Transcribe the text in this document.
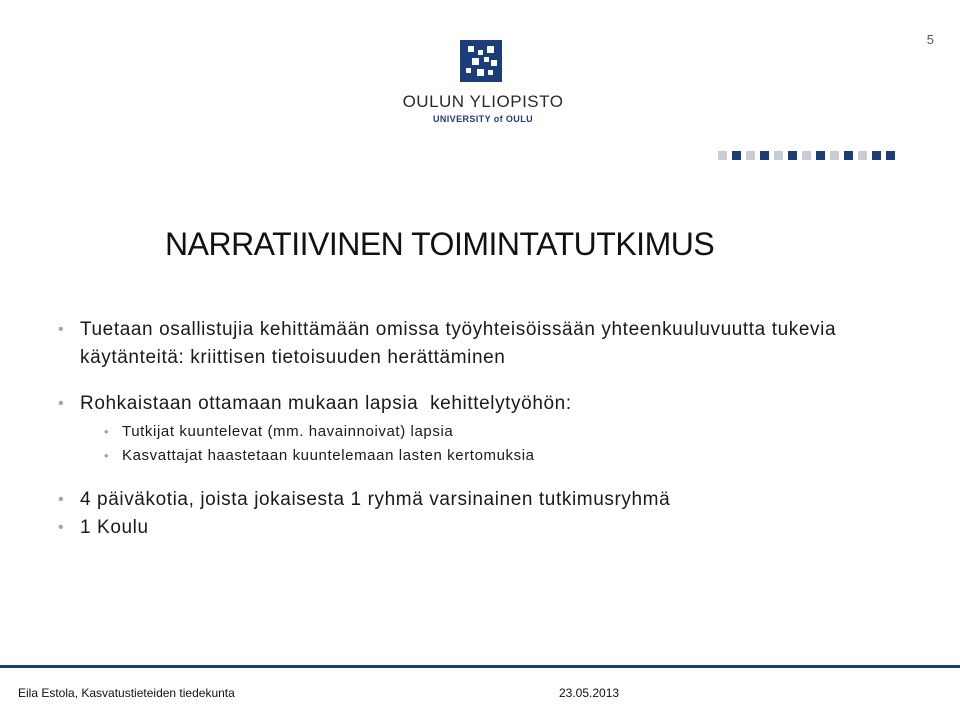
5
OULUN YLIOPISTO
UNIVERSITY of OULU
NARRATIIVINEN TOIMINTATUTKIMUS
• Tuetaan osallistujia kehittämään omissa työyhteisöissään yhteenkuuluvuutta tukevia käytänteitä: kriittisen tietoisuuden herättäminen
• Rohkaistaan ottamaan mukaan lapsia  kehittelytyöhön:
• Tutkijat kuuntelevat (mm. havainnoivat) lapsia
• Kasvattajat haastetaan kuuntelemaan lasten kertomuksia
• 4 päiväkotia, joista jokaisesta 1 ryhmä varsinainen tutkimusryhmä
• 1 Koulu
Eila Estola, Kasvatustieteiden tiedekunta	23.05.2013
